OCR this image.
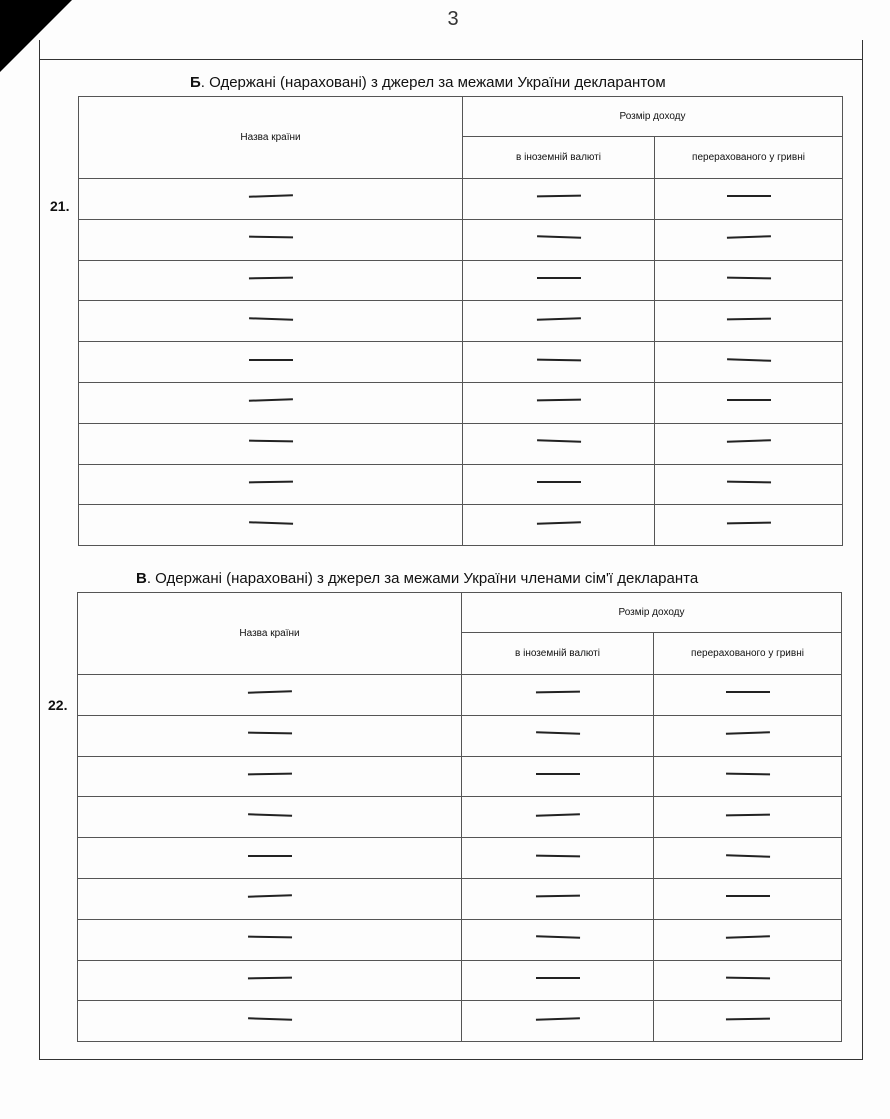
3
Б. Одержані (нараховані) з джерел за межами України декларантом
21.
Назва країни	Розмір доходу	
	в іноземній валюті	перерахованого у гривні

В. Одержані (нараховані) з джерел за межами України членами сім'ї декларанта
22.
Назва країни	Розмір доходу	
	в іноземній валюті	перерахованого у гривні
